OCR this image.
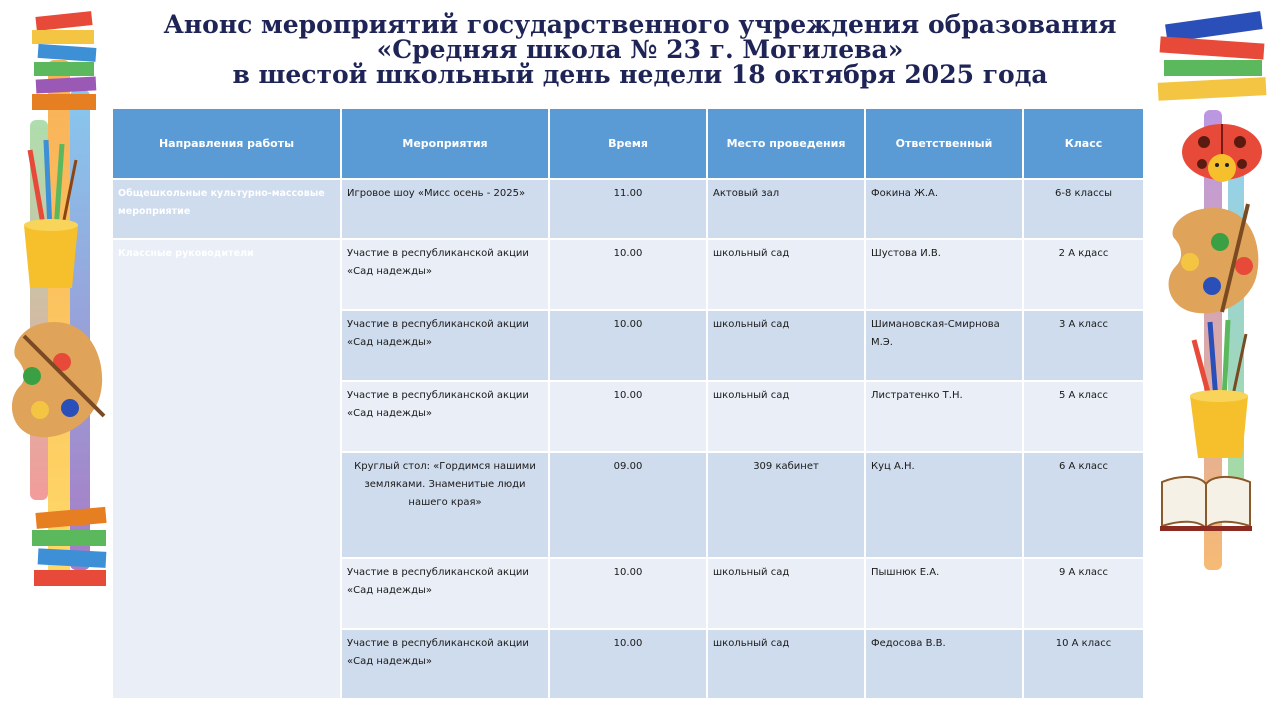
Анонс мероприятий государственного учреждения образования
«Средняя школа № 23 г. Могилева»
в шестой школьный день недели 18 октября 2025 года
Направления работы	Мероприятия	Время	Место проведения	Ответственный	Класс
Общешкольные культурно-массовые мероприятие	Игровое шоу «Мисс осень - 2025»	11.00	Актовый зал	Фокина Ж.А.	6-8 классы
Классные руководители	Участие в республиканской акции «Сад надежды»	10.00	школьный сад	Шустова И.В.	2 А кдасс
	Участие в республиканской акции «Сад надежды»	10.00	школьный сад	Шимановская-Смирнова М.Э.	3 А класс
	Участие в республиканской акции «Сад надежды»	10.00	школьный сад	Листратенко Т.Н.	5 А класс
	Круглый стол: «Гордимся нашими земляками. Знаменитые люди нашего края»	09.00	309 кабинет	Куц А.Н.	6 А класс
	Участие в республиканской акции «Сад надежды»	10.00	школьный сад	Пышнюк Е.А.	9 А класс
	Участие в республиканской акции «Сад надежды»	10.00	школьный сад	Федосова В.В.	10 А класс
